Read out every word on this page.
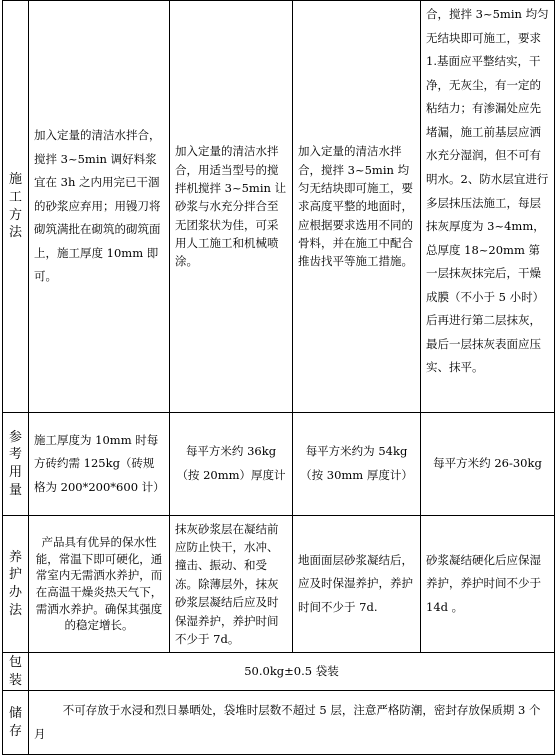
施
工
方
法	加入定量的清洁水拌合，搅拌 3~5min 调好料浆宜在 3h 之内用完已干涸的砂浆应弃用；用镘刀将砌筑满批在砌筑的砌筑面上，施工厚度 10mm 即可。	加入定量的清洁水拌合，用适当型号的搅拌机搅拌 3~5min 让砂浆与水充分拌合至无团浆状为佳，可采用人工施工和机械喷涂。	加入定量的清洁水拌合，搅拌 3~5min 均匀无结块即可施工，要求高度平整的地面时，应根据要求选用不同的骨料，并在施工中配合推齿找平等施工措施。	合，搅拌 3~5min 均匀无结块即可施工，要求 1.基面应平整结实，干净，无灰尘，有一定的粘结力；有渗漏处应先堵漏，施工前基层应洒水充分湿润，但不可有明水。2、防水层宜进行多层抹压法施工，每层抹灰厚度为 3~4mm，总厚度 18~20mm 第一层抹灰抹完后，干燥成膜（不小于 5 小时）后再进行第二层抹灰，最后一层抹灰表面应压实、抹平。

参
考
用
量	施工厚度为 10mm 时每方砖约需 125kg（砖规格为 200*200*600 计）	每平方米约 36kg（按 20mm）厚度计	每平方米约为 54kg（按 30mm 厚度计）	每平方米约 26-30kg

养
护
办
法	产品具有优异的保水性能，常温下即可硬化，通常室内无需洒水养护，而在高温干燥炎热天气下，需洒水养护。确保其强度的稳定增长。	抹灰砂浆层在凝结前应防止快干，水冲、撞击、振动、和受冻。除薄层外，抹灰砂浆层凝结后应及时保湿养护，养护时间不少于 7d。	地面面层砂浆凝结后，应及时保湿养护，养护时间不少于 7d.	砂浆凝结硬化后应保湿养护，养护时间不少于 14d 。

包
装	50.0kg±0.5 袋装			

储
存	不可存放于水浸和烈日暴晒处，袋堆时层数不超过 5 层，注意严格防潮，密封存放保质期 3 个月			
